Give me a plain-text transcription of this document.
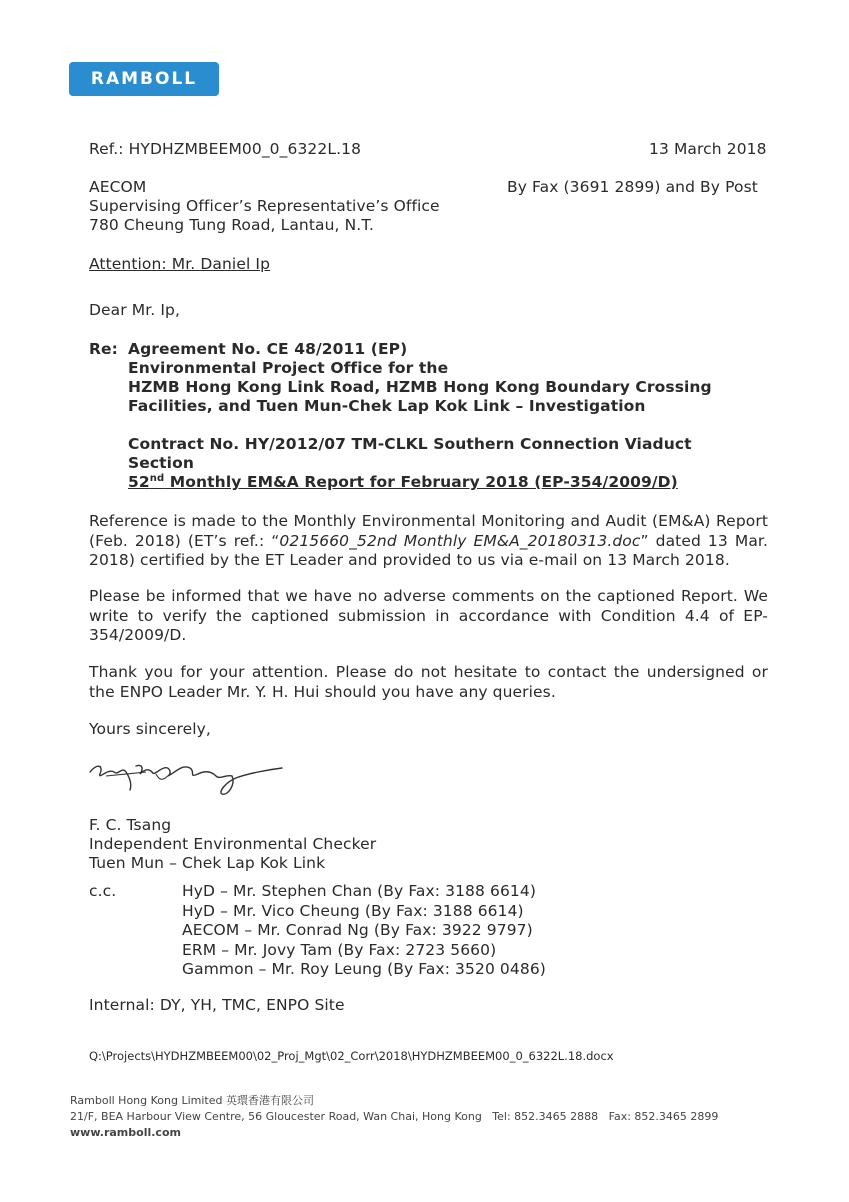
RAMBOLL
Ref.: HYDHZMBEEM00_0_6322L.18	13 March 2018
AECOM
Supervising Officer’s Representative’s Office
780 Cheung Tung Road, Lantau, N.T.
By Fax (3691 2899) and By Post
Attention: Mr. Daniel Ip
Dear Mr. Ip,
Re: Agreement No. CE 48/2011 (EP)
Environmental Project Office for the
HZMB Hong Kong Link Road, HZMB Hong Kong Boundary Crossing
Facilities, and Tuen Mun-Chek Lap Kok Link – Investigation
Contract No. HY/2012/07 TM-CLKL Southern Connection Viaduct
Section
52nd Monthly EM&A Report for February 2018 (EP-354/2009/D)
Reference is made to the Monthly Environmental Monitoring and Audit (EM&A) Report (Feb. 2018) (ET’s ref.: “0215660_52nd Monthly EM&A_20180313.doc” dated 13 Mar. 2018) certified by the ET Leader and provided to us via e-mail on 13 March 2018.
Please be informed that we have no adverse comments on the captioned Report. We write to verify the captioned submission in accordance with Condition 4.4 of EP-354/2009/D.
Thank you for your attention. Please do not hesitate to contact the undersigned or the ENPO Leader Mr. Y. H. Hui should you have any queries.
Yours sincerely,
F. C. Tsang
Independent Environmental Checker
Tuen Mun – Chek Lap Kok Link
c.c.	HyD – Mr. Stephen Chan (By Fax: 3188 6614)
HyD – Mr. Vico Cheung (By Fax: 3188 6614)
AECOM – Mr. Conrad Ng (By Fax: 3922 9797)
ERM – Mr. Jovy Tam (By Fax: 2723 5660)
Gammon – Mr. Roy Leung (By Fax: 3520 0486)
Internal: DY, YH, TMC, ENPO Site
Q:\Projects\HYDHZMBEEM00\02_Proj_Mgt\02_Corr\2018\HYDHZMBEEM00_0_6322L.18.docx
Ramboll Hong Kong Limited 英環香港有限公司
21/F, BEA Harbour View Centre, 56 Gloucester Road, Wan Chai, Hong Kong Tel: 852.3465 2888 Fax: 852.3465 2899
www.ramboll.com
